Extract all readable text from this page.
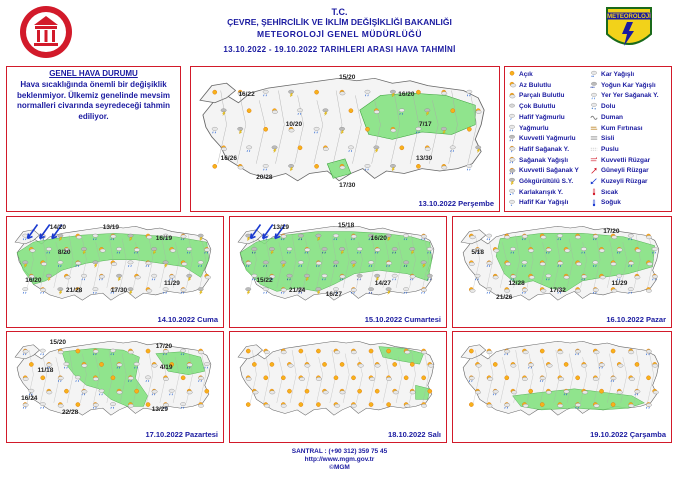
T.C.
ÇEVRE, ŞEHİRCİLİK VE İKLİM DEĞİŞİKLİĞİ BAKANLIĞI
METEOROLOJİ GENEL MÜDÜRLÜĞÜ
13.10.2022 - 19.10.2022 TARIHLERI ARASI HAVA TAHMİNİ
METEOROLOJİ
GENEL HAVA DURUMU
Hava sıcaklığında önemli bir değişiklik beklenmiyor. Ülkemiz genelinde mevsim normalleri civarında seyredeceği tahmin ediliyor.
16/22
15/20
16/20
10/20	7/17
16/26	13/30
20/28
17/30
13.10.2022 Perşembe
Açık
Az Bulutlu
Parçalı Bulutlu
Çok Bulutlu
Hafif Yağmurlu
Yağmurlu
Kuvvetli Yağmurlu
Hafif Sağanak Y.
Sağanak Yağışlı
Kuvvetli Sağanak Y
Gökgürültülü S.Y.
* Karlakarışık Y.
* Hafif Kar Yağışlı
** Kar Yağışlı
*** Yoğun Kar Yağışlı
Yer Yer Sağanak Y.
Dolu
Duman
Kum Fırtınası
Sisli
Puslu
Kuvvetli Rüzgar
Güneyli Rüzgar
Kuzeyli Rüzgar
Sıcak
Soğuk
14/20	13/19
16/19
8/20
16/20
21/28	17/30
11/29
14.10.2022 Cuma
13/19	15/18
16/20
15/22
21/24
16/27
14/27
15.10.2022 Cumartesi
17/20
5/18
12/28
21/26
17/32
11/29
16.10.2022 Pazar
15/20
17/20
11/18
4/19
16/24
22/28
13/29
17.10.2022 Pazartesi	18.10.2022 Salı	19.10.2022 Çarşamba
SANTRAL : (+90 312) 359 75 45
http://www.mgm.gov.tr
©MGM
